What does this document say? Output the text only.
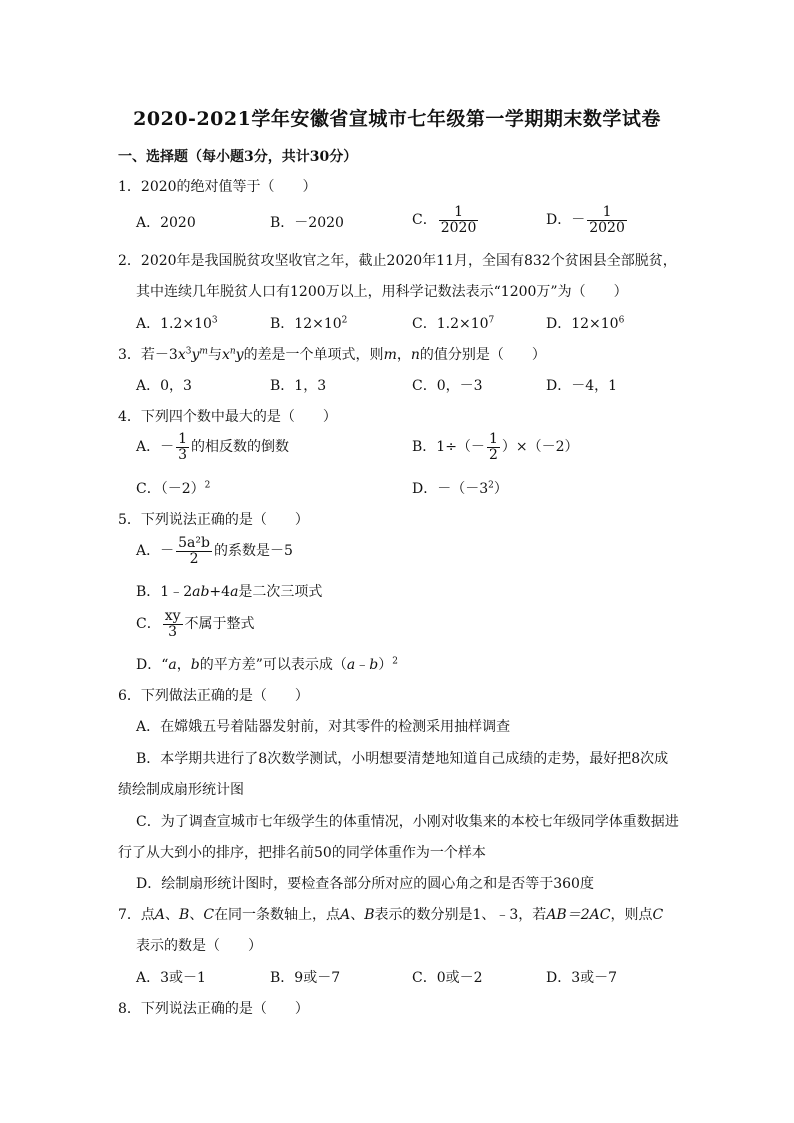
2020-2021学年安徽省宣城市七年级第一学期期末数学试卷
一、选择题（每小题3分，共计30分）
1．2020的绝对值等于（　　）
A．2020	B．－2020	C． $\frac{1}{2020}$	D．－ $\frac{1}{2020}$
2．2020年是我国脱贫攻坚收官之年，截止2020年11月，全国有832个贫困县全部脱贫，
其中连续几年脱贫人口有1200万以上，用科学记数法表示“1200万”为（　　）
A．$1.2\times 10^3$	B．$12\times 10^2$	C．$1.2\times 10^7$	D．$12\times 10^6$
3．若$-3x^3y^m$与$x^ny$的差是一个单项式，则m，n的值分别是（　　）
A．0，3	B．1，3	C．0，－3	D．－4，1
4．下列四个数中最大的是（　　）
A．－ $\frac{1}{3}$ 的相反数的倒数	B．$1\div(- \frac{1}{2} )\times(-2)$
C．$(-2)^2$	D．$-(-3^2)$
5．下列说法正确的是（　　）
A．－ $\frac{\text{5a²b}}{2}$ 的系数是－5
B．1﹣2ab+4a是二次三项式
C． $\frac{xy}{3}$ 不属于整式
D．“a，b的平方差”可以表示成（a﹣b）$^2$
6．下列做法正确的是（　　）
A．在嫦娥五号着陆器发射前，对其零件的检测采用抽样调查
B．本学期共进行了8次数学测试，小明想要清楚地知道自己成绩的走势，最好把8次成
绩绘制成扇形统计图
C．为了调查宣城市七年级学生的体重情况，小刚对收集来的本校七年级同学体重数据进
行了从大到小的排序，把排名前50的同学体重作为一个样本
D．绘制扇形统计图时，要检查各部分所对应的圆心角之和是否等于360度
7．点A、B、C在同一条数轴上，点A、B表示的数分别是1、﹣3，若AB＝2AC，则点C
表示的数是（　　）
A．3或－1	B．9或－7	C．0或－2	D．3或－7
8．下列说法正确的是（　　）
